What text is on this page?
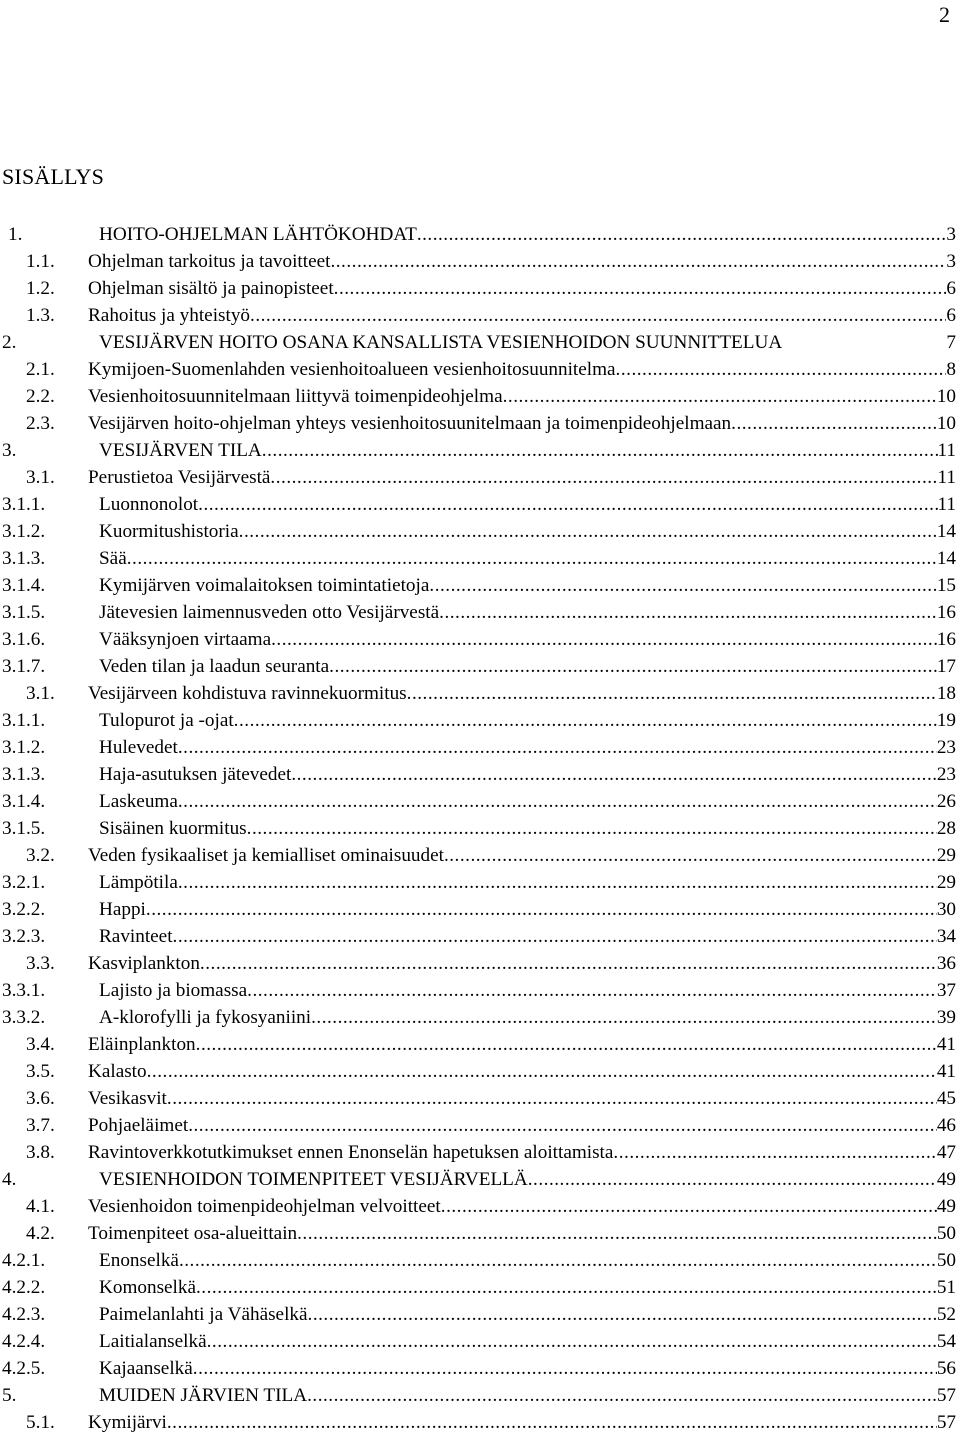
2
SISÄLLYS
1.	HOITO-OHJELMAN LÄHTÖKOHDAT .....	3
1.1. Ohjelman tarkoitus ja tavoitteet .....	3
1.2. Ohjelman sisältö ja painopisteet .....	6
1.3. Rahoitus ja yhteistyö .....	6
2.	VESIJÄRVEN HOITO OSANA KANSALLISTA VESIENHOIDON SUUNNITTELUA	7
2.1. Kymijoen-Suomenlahden vesienhoitoalueen vesienhoitosuunnitelma .....	8
2.2. Vesienhoitosuunnitelmaan liittyvä toimenpideohjelma .....	10
2.3. Vesijärven hoito-ohjelman yhteys vesienhoitosuunitelmaan ja toimenpideohjelmaan .....	10
3.	VESIJÄRVEN TILA .....	11
3.1. Perustietoa Vesijärvestä .....	11
3.1.1.	Luonnonolot .....	11
3.1.2.	Kuormitushistoria .....	14
3.1.3.	Sää .....	14
3.1.4.	Kymijärven voimalaitoksen toimintatietoja .....	15
3.1.5.	Jätevesien laimennusveden otto Vesijärvestä .....	16
3.1.6.	Vääksynjoen virtaama .....	16
3.1.7.	Veden tilan ja laadun seuranta .....	17
3.1. Vesijärveen kohdistuva ravinnekuormitus .....	18
3.1.1.	Tulopurot ja -ojat .....	19
3.1.2.	Hulevedet .....	23
3.1.3.	Haja-asutuksen jätevedet .....	23
3.1.4.	Laskeuma .....	26
3.1.5.	Sisäinen kuormitus .....	28
3.2. Veden fysikaaliset ja kemialliset ominaisuudet .....	29
3.2.1.	Lämpötila .....	29
3.2.2.	Happi .....	30
3.2.3.	Ravinteet .....	34
3.3. Kasviplankton .....	36
3.3.1.	Lajisto ja biomassa .....	37
3.3.2.	A-klorofylli ja fykosyaniini .....	39
3.4. Eläinplankton .....	41
3.5. Kalasto .....	41
3.6. Vesikasvit .....	45
3.7. Pohjaeläimet .....	46
3.8. Ravintoverkkotutkimukset ennen Enonselän hapetuksen aloittamista .....	47
4.	VESIENHOIDON TOIMENPITEET VESIJÄRVELLÄ .....	49
4.1. Vesienhoidon toimenpideohjelman velvoitteet .....	49
4.2. Toimenpiteet osa-alueittain .....	50
4.2.1.	Enonselkä .....	50
4.2.2.	Komonselkä .....	51
4.2.3.	Paimelanlahti ja Vähäselkä .....	52
4.2.4.	Laitialanselkä .....	54
4.2.5.	Kajaanselkä .....	56
5.	MUIDEN JÄRVIEN TILA .....	57
5.1. Kymijärvi .....	57
